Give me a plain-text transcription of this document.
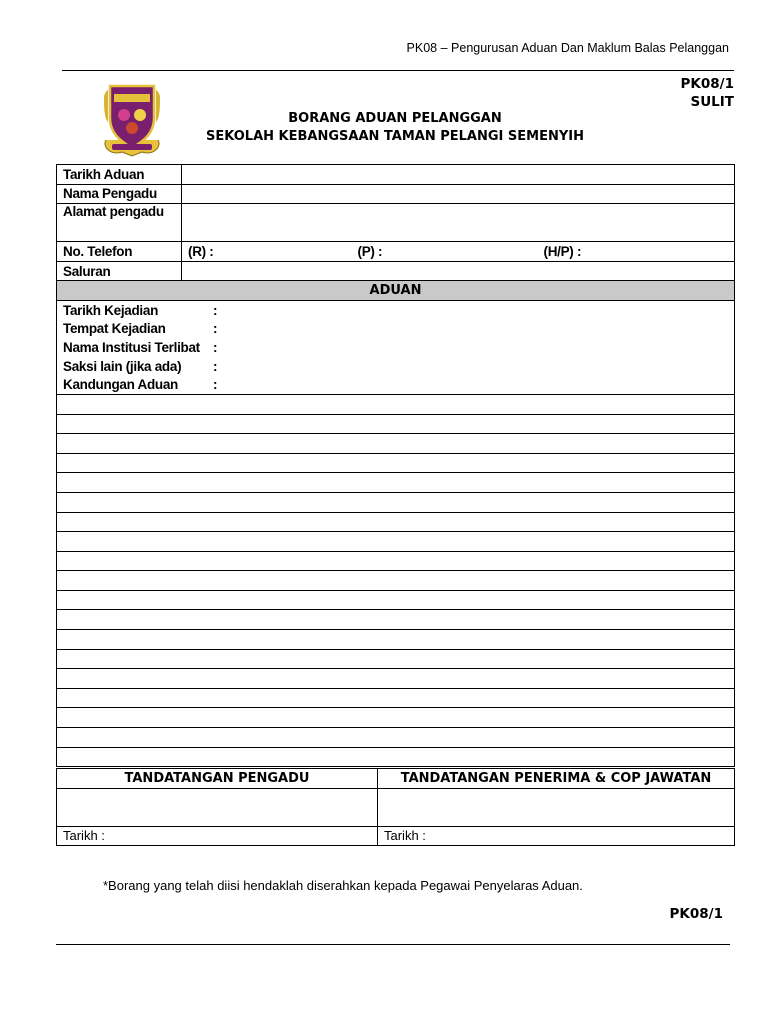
PK08 – Pengurusan Aduan Dan Maklum Balas Pelanggan
PK08/1
SULIT
BORANG ADUAN PELANGGAN
SEKOLAH KEBANGSAAN TAMAN PELANGI SEMENYIH
Tarikh Aduan			
Nama Pengadu			
Alamat pengadu			
No. Telefon	(R) :	(P) :	(H/P) :
Saluran			
ADUAN			
Tarikh Kejadian	:
Tempat Kejadian	:
Nama Institusi Terlibat :
Saksi lain (jika ada) :
Kandungan Aduan	:

TANDATANGAN PENGADU	TANDATANGAN PENERIMA & COP JAWATAN

Tarikh :	Tarikh :
*Borang yang telah diisi hendaklah diserahkan kepada Pegawai Penyelaras Aduan.
PK08/1
